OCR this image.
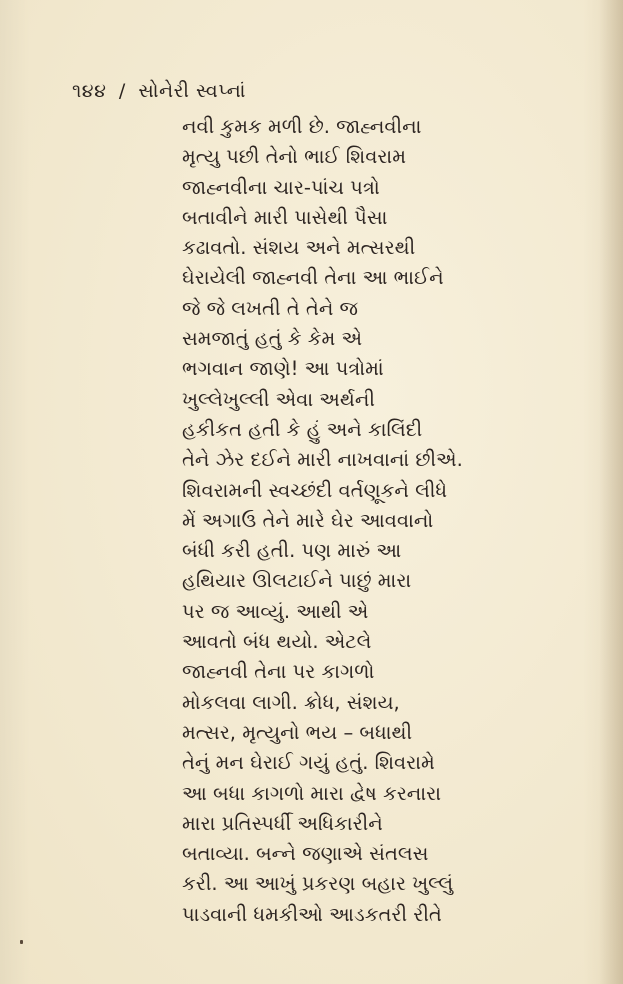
૧૪૪ / સોનેરી સ્વપ્નાં
નવી કુમક મળી છે. જાહ્નવીના
મૃત્યુ પછી તેનો ભાઈ શિવરામ
જાહ્નવીના ચાર-પાંચ પત્રો
બતાવીને મારી પાસેથી પૈસા
કઢાવતો. સંશય અને મત્સરથી
ઘેરાયેલી જાહ્નવી તેના આ ભાઈને
જે જે લખતી તે તેને જ
સમજાતું હતું કે કેમ એ
ભગવાન જાણે! આ પત્રોમાં
ખુલ્લેખુલ્લી એવા અર્થની
હકીકત હતી કે હું અને કાલિંદી
તેને ઝેર દઈને મારી નાખવાનાં છીએ.
શિવરામની સ્વચ્છંદી વર્તણૂકને લીધે
મેં અગાઉ તેને મારે ઘેર આવવાનો
બંધી કરી હતી. પણ મારું આ
હથિયાર ઊલટાઈને પાછું મારા
પર જ આવ્યું. આથી એ
આવતો બંધ થયો. એટલે
જાહ્નવી તેના પર કાગળો
મોકલવા લાગી. ક્રોધ, સંશય,
મત્સર, મૃત્યુનો ભય – બધાથી
તેનું મન ઘેરાઈ ગયું હતું. શિવરામે
આ બધા કાગળો મારા દ્વેષ કરનારા
મારા પ્રતિસ્પર્ધી અધિકારીને
બતાવ્યા. બન્ને જણાએ સંતલસ
કરી. આ આખું પ્રકરણ બહાર ખુલ્લું
પાડવાની ધમકીઓ આડકતરી રીતે
